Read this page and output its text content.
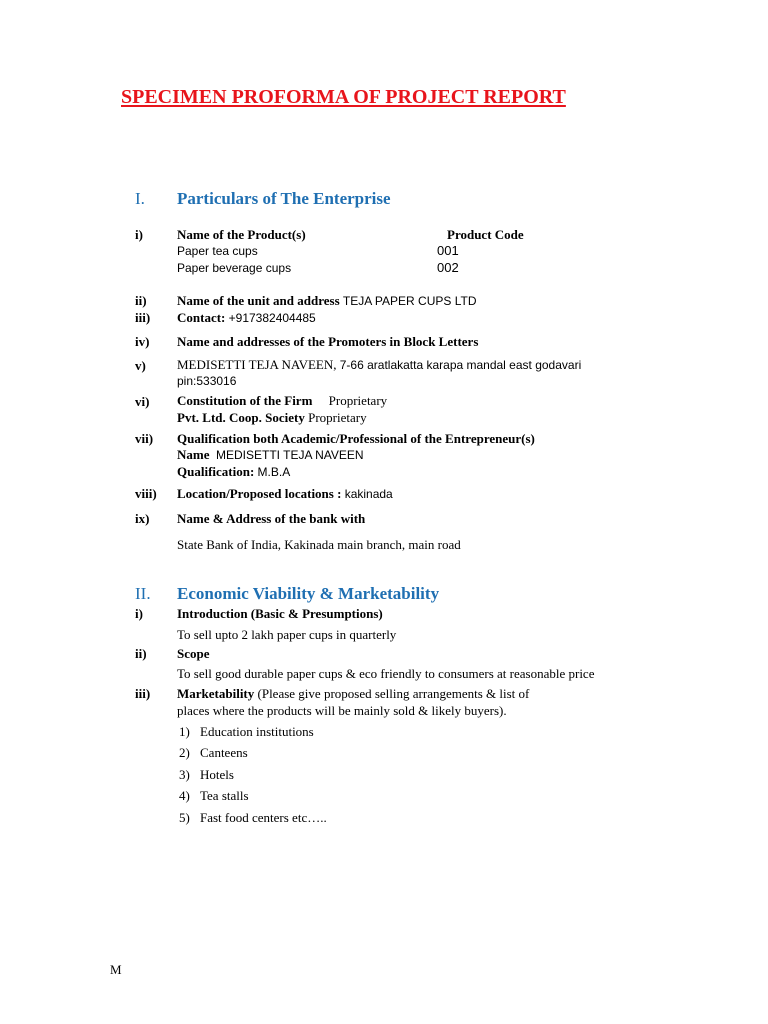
SPECIMEN PROFORMA OF PROJECT REPORT
I. Particulars of The Enterprise
i)	Name of the Product(s)	Product Code
Paper tea cups	001
Paper beverage cups	002
ii) Name of the unit and address TEJA PAPER CUPS LTD
iii) Contact: +917382404485
iv) Name and addresses of the Promoters in Block Letters
v) MEDISETTI TEJA NAVEEN, 7-66 aratlakatta karapa mandal east godavari
pin:533016
vi) Constitution of the Firm Proprietary
Pvt. Ltd. Coop. Society Proprietary
vii) Qualification both Academic/Professional of the Entrepreneur(s)
Name MEDISETTI TEJA NAVEEN
Qualification: M.B.A
viii) Location/Proposed locations : kakinada
ix) Name & Address of the bank with
State Bank of India, Kakinada main branch, main road
II. Economic Viability & Marketability
i)	Introduction (Basic & Presumptions)
To sell upto 2 lakh paper cups in quarterly
ii) Scope
To sell good durable paper cups & eco friendly to consumers at reasonable price
iii) Marketability (Please give proposed selling arrangements & list of
places where the products will be mainly sold & likely buyers).
1) Education institutions
2) Canteens
3) Hotels
4) Tea stalls
5) Fast food centers etc…..
M
